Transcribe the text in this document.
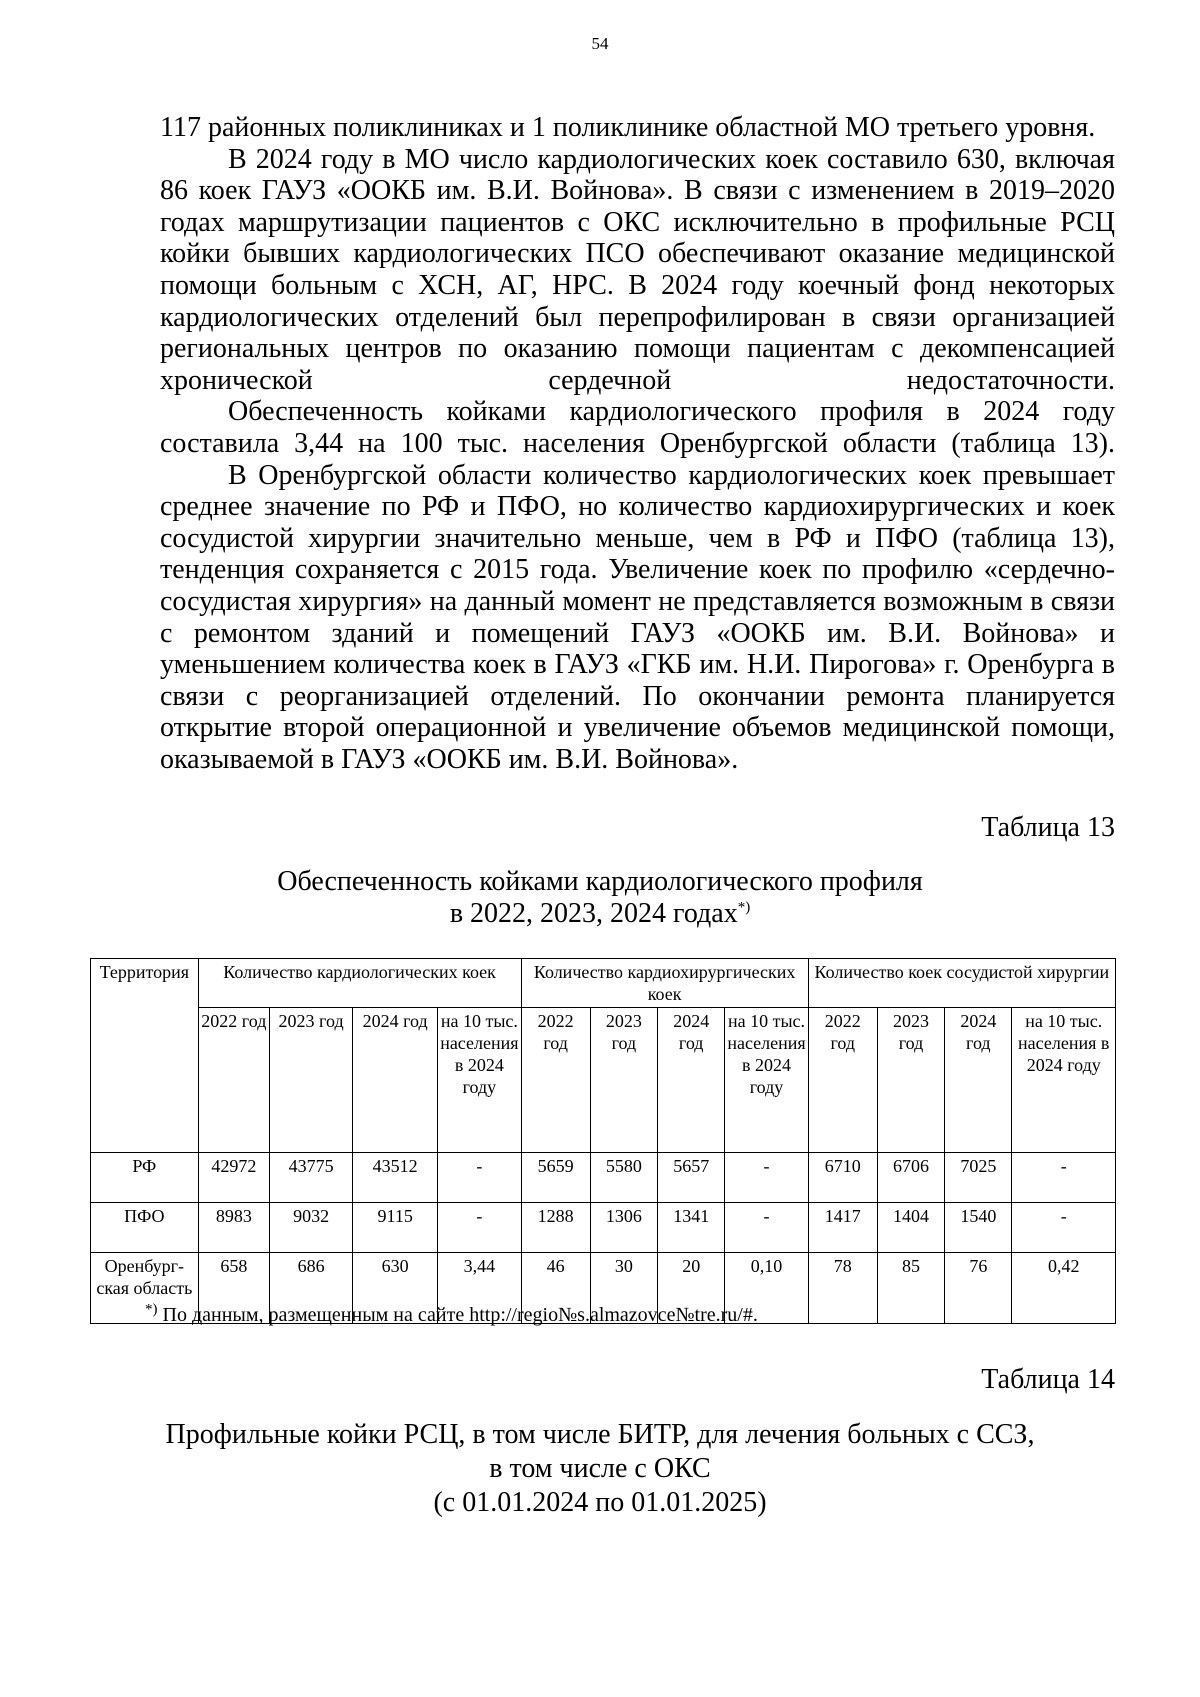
54

117 районных поликлиниках и 1 поликлинике областной МО третьего уровня.

В 2024 году в МО число кардиологических коек составило 630, включая 86 коек ГАУЗ «ООКБ им. В.И. Войнова». В связи с изменением в 2019–2020 годах маршрутизации пациентов с ОКС исключительно в профильные РСЦ койки бывших кардиологических ПСО обеспечивают оказание медицинской помощи больным с ХСН, АГ, НРС. В 2024 году коечный фонд некоторых кардиологических отделений был перепрофилирован в связи организацией региональных центров по оказанию помощи пациентам с декомпенсацией хронической сердечной недостаточности.

Обеспеченность койками кардиологического профиля в 2024 году составила 3,44 на 100 тыс. населения Оренбургской области (таблица 13).

В Оренбургской области количество кардиологических коек превышает среднее значение по РФ и ПФО, но количество кардиохирургических и коек сосудистой хирургии значительно меньше, чем в РФ и ПФО (таблица 13), тенденция сохраняется с 2015 года. Увеличение коек по профилю «сердечно-сосудистая хирургия» на данный момент не представляется возможным в связи с ремонтом зданий и помещений ГАУЗ «ООКБ им. В.И. Войнова» и уменьшением количества коек в ГАУЗ «ГКБ им. Н.И. Пирогова» г. Оренбурга в связи с реорганизацией отделений. По окончании ремонта планируется открытие второй операционной и увеличение объемов медицинской помощи, оказываемой в ГАУЗ «ООКБ им. В.И. Войнова».

Таблица 13
Обеспеченность койками кардиологического профиля
в 2022, 2023, 2024 годах*)
Территория	Количество кардиологических коек				Количество кардиохирургических коек				Количество коек сосудистой хирургии			
	2022 год	2023 год	2024 год	на 10 тыс. населения в 2024 году	2022 год	2023 год	2024 год	на 10 тыс. населения в 2024 году	2022 год	2023 год	2024 год	на 10 тыс. населения в 2024 году
РФ	42972	43775	43512	-	5659	5580	5657	-	6710	6706	7025	-
ПФО	8983	9032	9115	-	1288	1306	1341	-	1417	1404	1540	-
Оренбург-ская область	658	686	630	3,44	46	30	20	0,10	78	85	76	0,42
*) По данным, размещенным на сайте http://regio№s.almazovce№tre.ru/#.
Таблица 14
Профильные койки РСЦ, в том числе БИТР, для лечения больных с ССЗ,
в том числе с ОКС
(с 01.01.2024 по 01.01.2025)
